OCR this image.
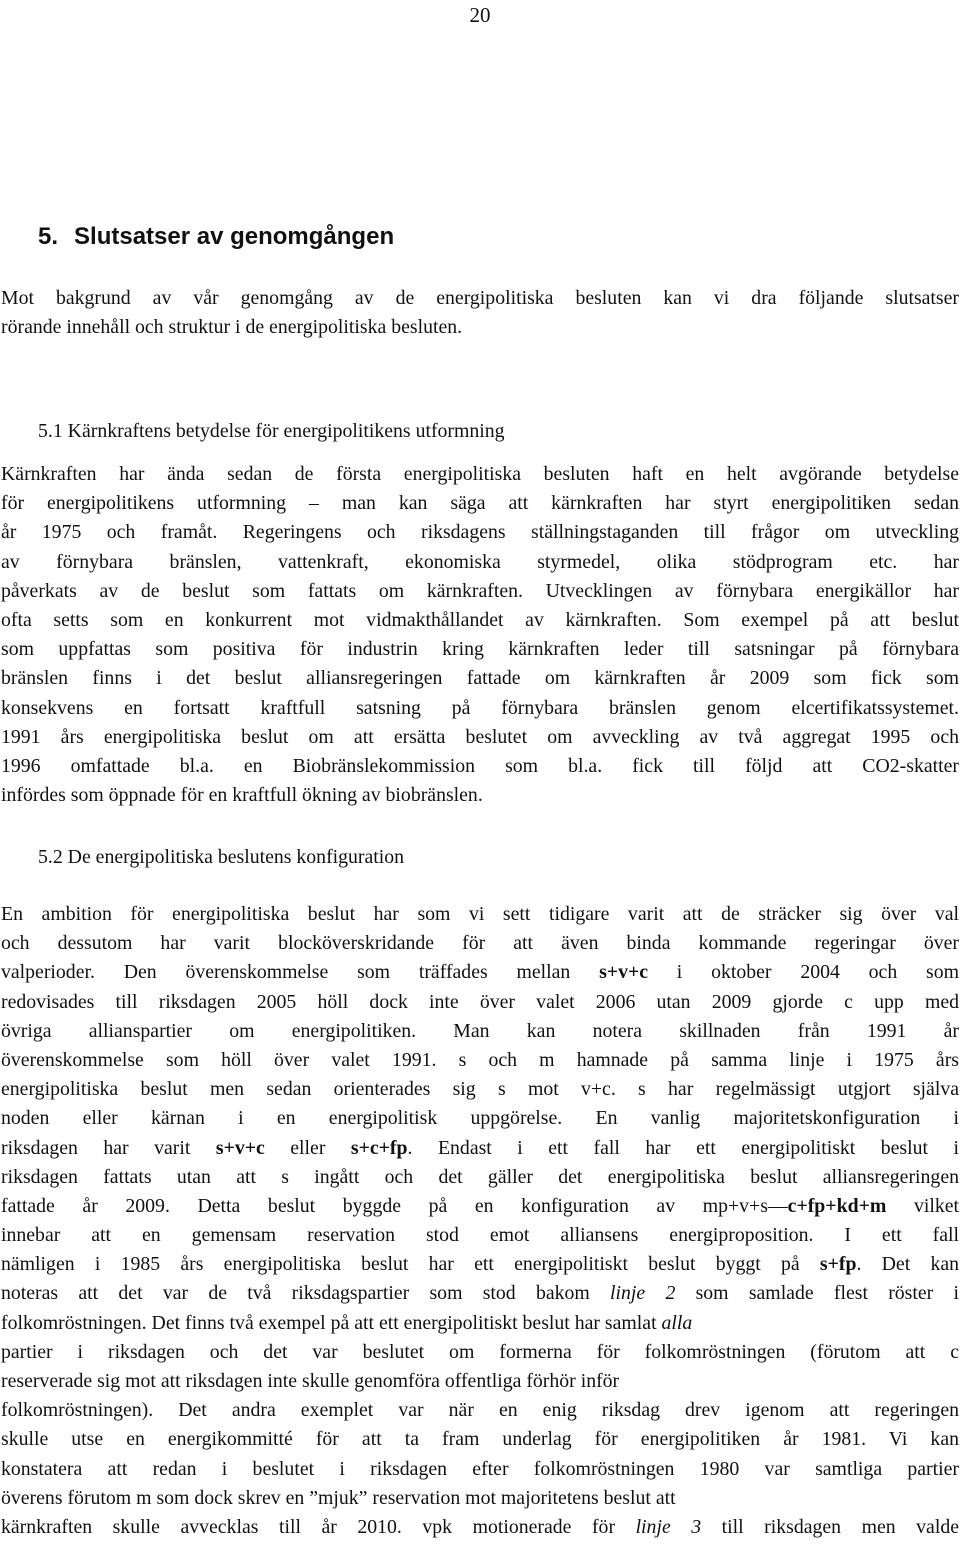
20
5. Slutsatser av genomgången

Mot bakgrund av vår genomgång av de energipolitiska besluten kan vi dra följande slutsatser
rörande innehåll och struktur i de energipolitiska besluten.

5.1 Kärnkraftens betydelse för energipolitikens utformning

Kärnkraften har ända sedan de första energipolitiska besluten haft en helt avgörande betydelse
för energipolitikens utformning – man kan säga att kärnkraften har styrt energipolitiken sedan
år 1975 och framåt. Regeringens och riksdagens ställningstaganden till frågor om utveckling
av förnybara bränslen, vattenkraft, ekonomiska styrmedel, olika stödprogram etc. har
påverkats av de beslut som fattats om kärnkraften. Utvecklingen av förnybara energikällor har
ofta setts som en konkurrent mot vidmakthållandet av kärnkraften. Som exempel på att beslut
som uppfattas som positiva för industrin kring kärnkraften leder till satsningar på förnybara
bränslen finns i det beslut alliansregeringen fattade om kärnkraften år 2009 som fick som
konsekvens en fortsatt kraftfull satsning på förnybara bränslen genom elcertifikatssystemet.
1991 års energipolitiska beslut om att ersätta beslutet om avveckling av två aggregat 1995 och
1996 omfattade bl.a. en Biobränslekommission som bl.a. fick till följd att CO2-skatter
infördes som öppnade för en kraftfull ökning av biobränslen.

5.2 De energipolitiska beslutens konfiguration

En ambition för energipolitiska beslut har som vi sett tidigare varit att de sträcker sig över val
och dessutom har varit blocköverskridande för att även binda kommande regeringar över
valperioder. Den överenskommelse som träffades mellan s+v+c i oktober 2004 och som
redovisades till riksdagen 2005 höll dock inte över valet 2006 utan 2009 gjorde c upp med
övriga allianspartier om energipolitiken. Man kan notera skillnaden från 1991 år
överenskommelse som höll över valet 1991. s och m hamnade på samma linje i 1975 års
energipolitiska beslut men sedan orienterades sig s mot v+c. s har regelmässigt utgjort själva
noden eller kärnan i en energipolitisk uppgörelse. En vanlig majoritetskonfiguration i
riksdagen har varit s+v+c eller s+c+fp. Endast i ett fall har ett energipolitiskt beslut i
riksdagen fattats utan att s ingått och det gäller det energipolitiska beslut alliansregeringen
fattade år 2009. Detta beslut byggde på en konfiguration av mp+v+s—c+fp+kd+m vilket
innebar att en gemensam reservation stod emot alliansens energiproposition. I ett fall
nämligen i 1985 års energipolitiska beslut har ett energipolitiskt beslut byggt på s+fp. Det kan
noteras att det var de två riksdagspartier som stod bakom linje 2 som samlade flest röster i
folkomröstningen. Det finns två exempel på att ett energipolitiskt beslut har samlat alla
partier i riksdagen och det var beslutet om formerna för folkomröstningen (förutom att c
reserverade sig mot att riksdagen inte skulle genomföra offentliga förhör inför
folkomröstningen). Det andra exemplet var när en enig riksdag drev igenom att regeringen
skulle utse en energikommitté för att ta fram underlag för energipolitiken år 1981. Vi kan
konstatera att redan i beslutet i riksdagen efter folkomröstningen 1980 var samtliga partier
överens förutom m som dock skrev en ”mjuk” reservation mot majoritetens beslut att
kärnkraften skulle avvecklas till år 2010. vpk motionerade för linje 3 till riksdagen men valde
